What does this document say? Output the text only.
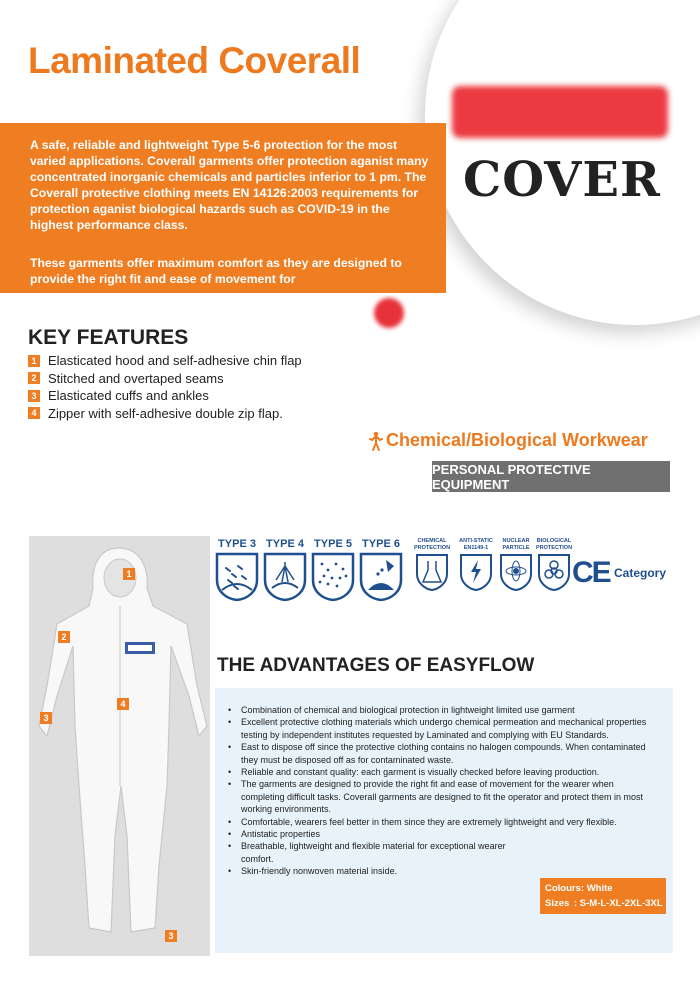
Laminated Coverall

A safe, reliable and lightweight Type 5-6 protection for the most varied applications. Coverall garments offer protection aganist many concentrated inorganic chemicals and particles inferior to 1 pm. The Coverall protective clothing meets EN 14126:2003 requirements for protection aganist biological hazards such as COVID-19 in the highest performance class.

These garments offer maximum comfort as they are designed to provide the right fit and ease of movement for

COVER
KEY FEATURES
1 Elasticated hood and self-adhesive chin flap
2 Stitched and overtaped seams
3 Elasticated cuffs and ankles
4 Zipper with self-adhesive double zip flap.
Chemical/Biological Workwear
PERSONAL PROTECTIVE EQUIPMENT
1
2
3
4
3
TYPE 3 TYPE 4 TYPE 5 TYPE 6	CHEMICAL
PROTECTION
ANTI-STATIC
EN1149-1
NUCLEAR
PARTICLE
BIOLOGICAL
PROTECTION
CE Category
THE ADVANTAGES OF EASYFLOW
• Combination of chemical and biological protection in lightweight limited use garment
• Excellent protective clothing materials which undergo chemical permeation and mechanical properties testing by independent institutes requested by Laminated and complying with EU Standards.
• East to dispose off since the protective clothing contains no halogen compounds. When contaminated they must be disposed off as for contaminated waste.
• Reliable and constant quality: each garment is visually checked before leaving production.
• The garments are designed to provide the right fit and ease of movement for the wearer when completing difficult tasks. Coverall garments are designed to fit the operator and protect them in most working environments.
• Comfortable, wearers feel better in them since they are extremely lightweight and very flexible.
• Antistatic properties
• Breathable, lightweight and flexible material for exceptional wearer comfort.
• Skin-friendly nonwoven material inside.
Colours: White
Sizes : S-M-L-XL-2XL-3XL
